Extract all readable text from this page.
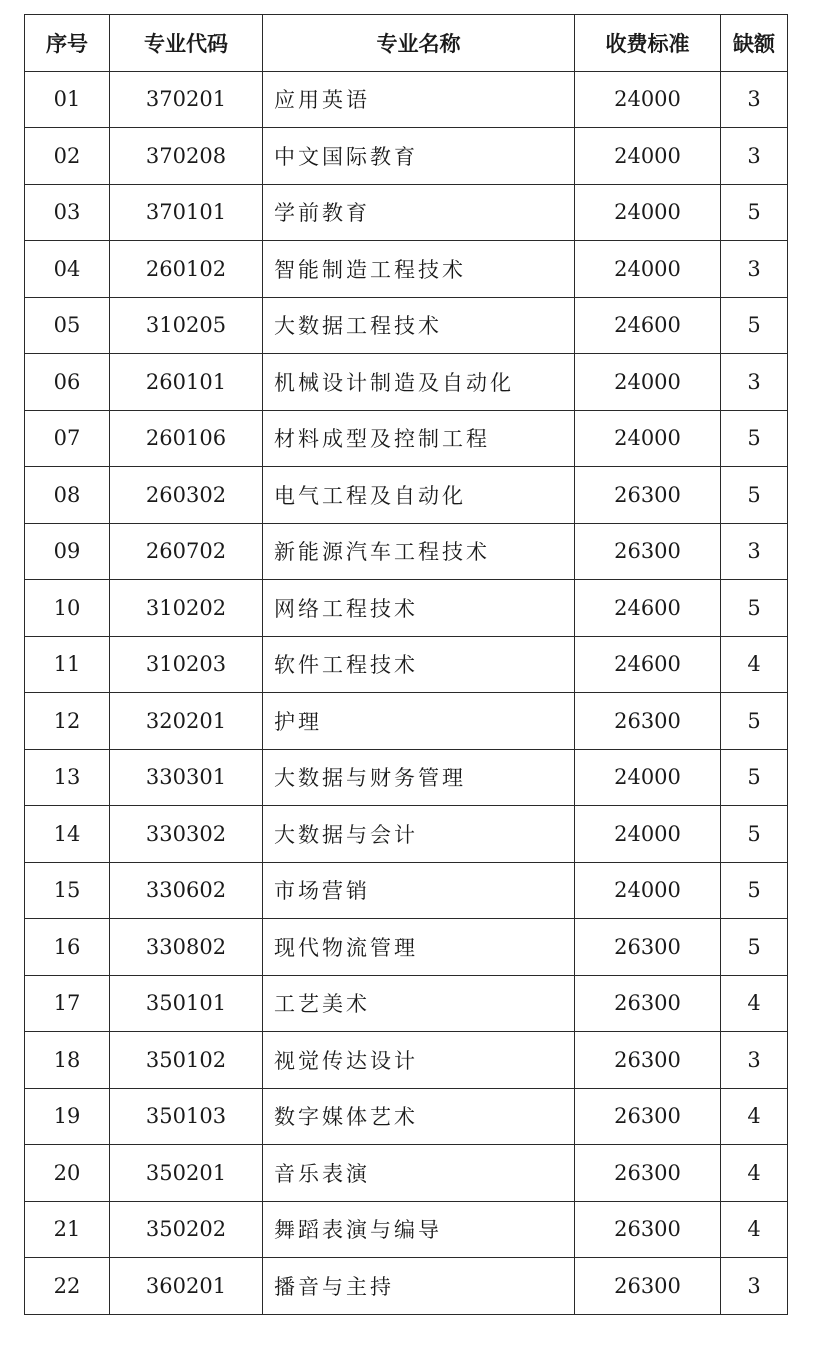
序号	专业代码	专业名称	收费标准	缺额
01	370201	应用英语	24000	3
02	370208	中文国际教育	24000	3
03	370101	学前教育	24000	5
04	260102	智能制造工程技术	24000	3
05	310205	大数据工程技术	24600	5
06	260101	机械设计制造及自动化	24000	3
07	260106	材料成型及控制工程	24000	5
08	260302	电气工程及自动化	26300	5
09	260702	新能源汽车工程技术	26300	3
10	310202	网络工程技术	24600	5
11	310203	软件工程技术	24600	4
12	320201	护理	26300	5
13	330301	大数据与财务管理	24000	5
14	330302	大数据与会计	24000	5
15	330602	市场营销	24000	5
16	330802	现代物流管理	26300	5
17	350101	工艺美术	26300	4
18	350102	视觉传达设计	26300	3
19	350103	数字媒体艺术	26300	4
20	350201	音乐表演	26300	4
21	350202	舞蹈表演与编导	26300	4
22	360201	播音与主持	26300	3
